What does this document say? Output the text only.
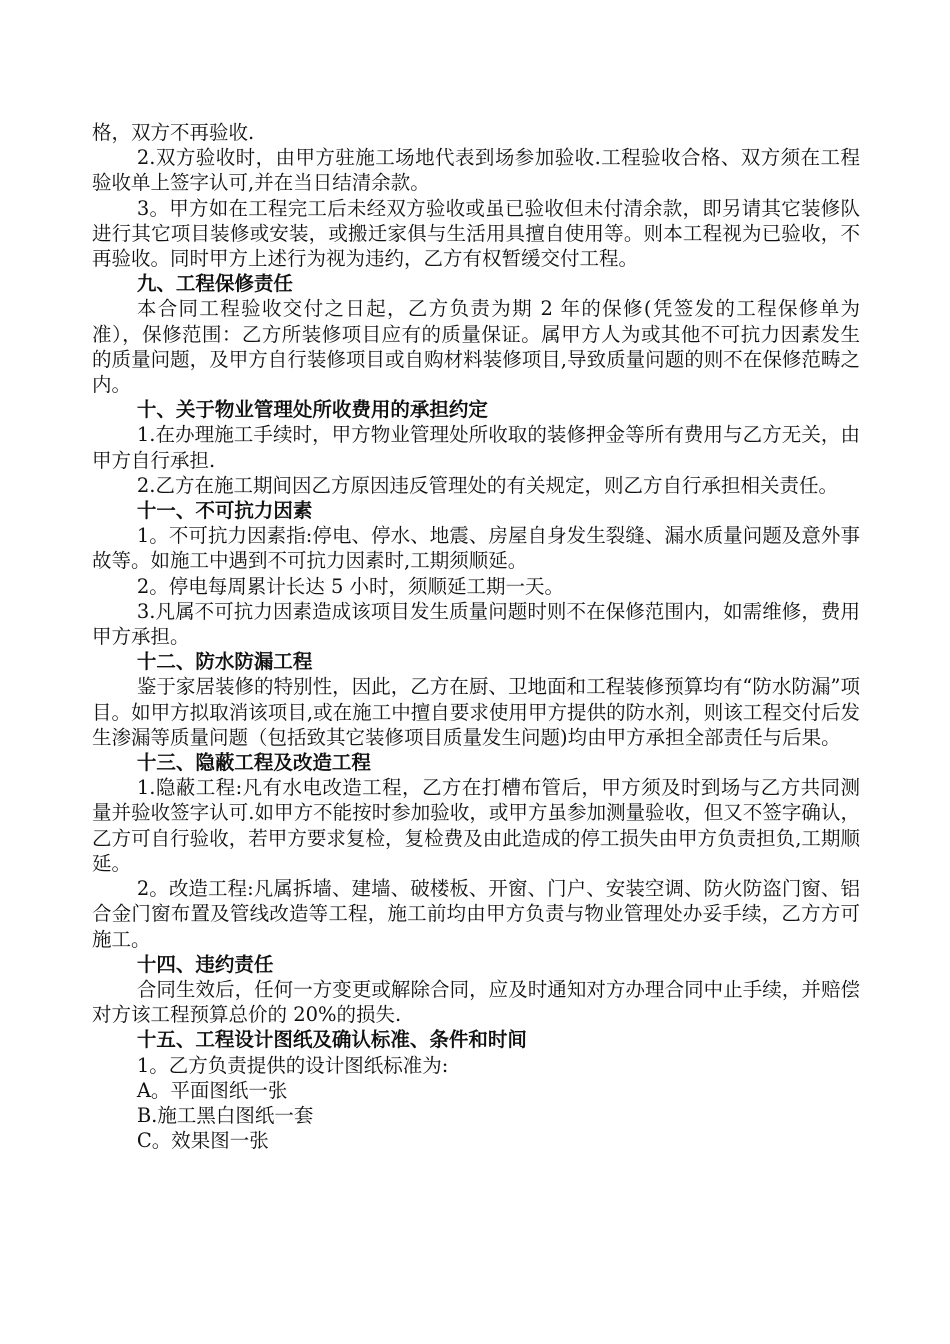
格，双方不再验收.

2.双方验收时，由甲方驻施工场地代表到场参加验收.工程验收合格、双方须在工程验收单上签字认可,并在当日结清余款。

3。甲方如在工程完工后未经双方验收或虽已验收但未付清余款，即另请其它装修队进行其它项目装修或安装，或搬迁家俱与生活用具擅自使用等。则本工程视为已验收，不再验收。同时甲方上述行为视为违约，乙方有权暂缓交付工程。

九、工程保修责任

本合同工程验收交付之日起，乙方负责为期 2 年的保修(凭签发的工程保修单为准），保修范围：乙方所装修项目应有的质量保证。属甲方人为或其他不可抗力因素发生的质量问题，及甲方自行装修项目或自购材料装修项目,导致质量问题的则不在保修范畴之内。

十、关于物业管理处所收费用的承担约定

1.在办理施工手续时，甲方物业管理处所收取的装修押金等所有费用与乙方无关，由甲方自行承担.

2.乙方在施工期间因乙方原因违反管理处的有关规定，则乙方自行承担相关责任。

十一、不可抗力因素

1。不可抗力因素指:停电、停水、地震、房屋自身发生裂缝、漏水质量问题及意外事故等。如施工中遇到不可抗力因素时,工期须顺延。

2。停电每周累计长达 5 小时，须顺延工期一天。

3.凡属不可抗力因素造成该项目发生质量问题时则不在保修范围内，如需维修，费用甲方承担。

十二、防水防漏工程

鉴于家居装修的特别性，因此，乙方在厨、卫地面和工程装修预算均有“防水防漏”项目。如甲方拟取消该项目,或在施工中擅自要求使用甲方提供的防水剂，则该工程交付后发生渗漏等质量问题（包括致其它装修项目质量发生问题)均由甲方承担全部责任与后果。

十三、隐蔽工程及改造工程

1.隐蔽工程:凡有水电改造工程，乙方在打槽布管后，甲方须及时到场与乙方共同测量并验收签字认可.如甲方不能按时参加验收，或甲方虽参加测量验收，但又不签字确认，乙方可自行验收，若甲方要求复检，复检费及由此造成的停工损失由甲方负责担负,工期顺延。

2。改造工程:凡属拆墙、建墙、破楼板、开窗、门户、安装空调、防火防盗门窗、铝合金门窗布置及管线改造等工程，施工前均由甲方负责与物业管理处办妥手续，乙方方可施工。

十四、违约责任

合同生效后，任何一方变更或解除合同，应及时通知对方办理合同中止手续，并赔偿对方该工程预算总价的 20%的损失.

十五、工程设计图纸及确认标准、条件和时间

1。乙方负责提供的设计图纸标准为:

A。平面图纸一张

B.施工黑白图纸一套

C。效果图一张
